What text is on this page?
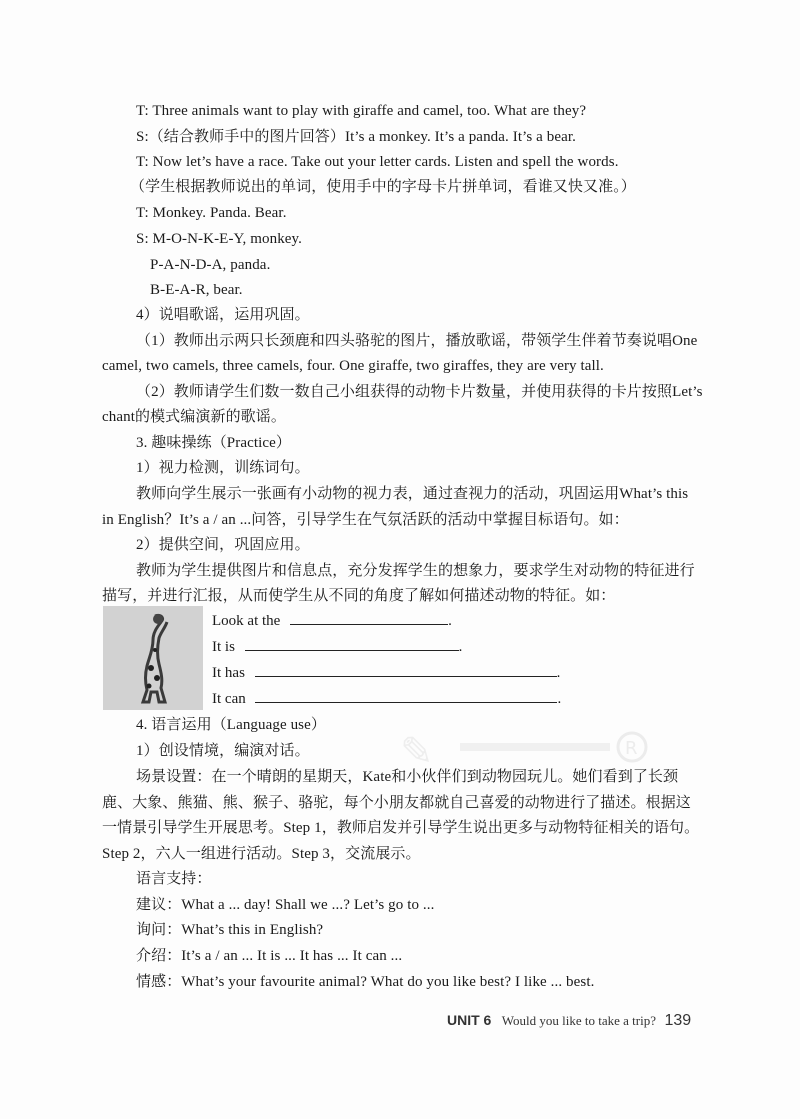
T: Three animals want to play with giraffe and camel, too. What are they?
S:（结合教师手中的图片回答）It’s a monkey. It’s a panda. It’s a bear.
T: Now let’s have a race. Take out your letter cards. Listen and spell the words.
（学生根据教师说出的单词，使用手中的字母卡片拼单词，看谁又快又准。）
T: Monkey. Panda. Bear.
S: M-O-N-K-E-Y, monkey.
P-A-N-D-A, panda.
B-E-A-R, bear.
4）说唱歌谣，运用巩固。
（1）教师出示两只长颈鹿和四头骆驼的图片，播放歌谣，带领学生伴着节奏说唱One
camel, two camels, three camels, four. One giraffe, two giraffes, they are very tall.
（2）教师请学生们数一数自己小组获得的动物卡片数量，并使用获得的卡片按照Let’s
chant的模式编演新的歌谣。
3. 趣味操练（Practice）
1）视力检测，训练词句。
教师向学生展示一张画有小动物的视力表，通过查视力的活动，巩固运用What’s this
in English？It’s a / an ...问答，引导学生在气氛活跃的活动中掌握目标语句。如：
2）提供空间，巩固应用。
教师为学生提供图片和信息点，充分发挥学生的想象力，要求学生对动物的特征进行
描写，并进行汇报，从而使学生从不同的角度了解如何描述动物的特征。如：
Look at the	.
It is	.
It has	.
It can	.
✎	R
4. 语言运用（Language use）
1）创设情境，编演对话。
场景设置：在一个晴朗的星期天，Kate和小伙伴们到动物园玩儿。她们看到了长颈
鹿、大象、熊猫、熊、猴子、骆驼，每个小朋友都就自己喜爱的动物进行了描述。根据这
一情景引导学生开展思考。Step 1，教师启发并引导学生说出更多与动物特征相关的语句。
Step 2，六人一组进行活动。Step 3，交流展示。
语言支持：
建议：What a ... day! Shall we ...? Let’s go to ...
询问：What’s this in English?
介绍：It’s a / an ... It is ... It has ... It can ...
情感：What’s your favourite animal? What do you like best? I like ... best.
UNIT 6 Would you like to take a trip? 139
